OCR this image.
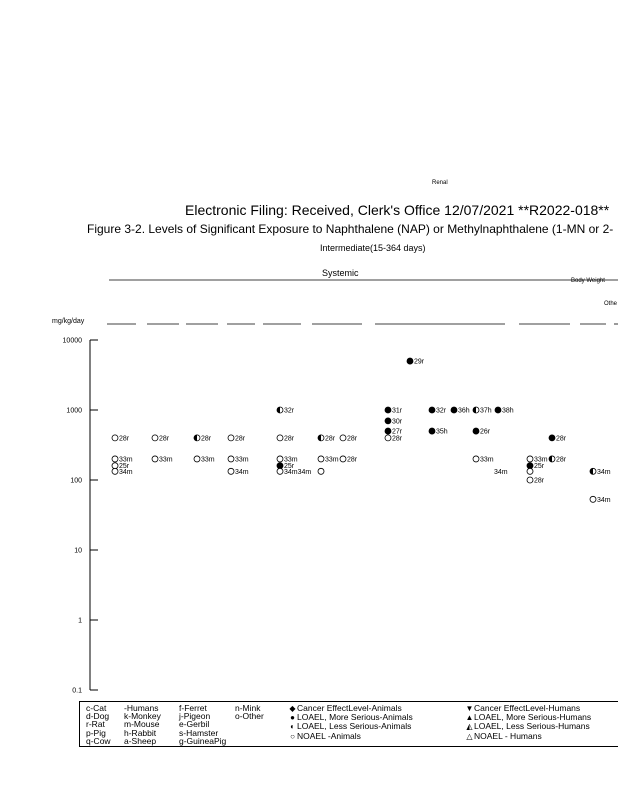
Renal
Electronic Filing: Received, Clerk's Office 12/07/2021 **R2022-018**
Figure 3-2. Levels of Significant Exposure to Naphthalene (NAP) or Methylnaphthalene (1-MN or 2-
Intermediate(15-364 days)
Systemic
Body Weight
Othe
mg/kg/day
10000
1000
100
10
1
0.1
28r
33m
25r
34m
28r
33m
28r
33m
28r
33m
34m
32r
28r
33m
25r
34m34m
28r
33m
28r
28r
31r
30r
27r
28r
29r
32r
35h
36h 37h
26r
33m
38h
34m
33m
25r
28r
28r
28r
34m
34m
c-Cat
d-Dog
r-Rat
p-Pig
q-Cow
-Humans
k-Monkey
m-Mouse
h-Rabbit
a-Sheep
f-Ferret
j-Pigeon
e-Gerbil
s-Hamster
g-GuineaPig
n-Mink
o-Other
◆Cancer EffectLevel-Animals
● LOAEL, More Serious-Animals
◐ LOAEL, Less Serious-Animals
○ NOAEL -Animals
▼Cancer EffectLevel-Humans
▲LOAEL, More Serious-Humans
◭LOAEL, Less Serious-Humans
△NOAEL - Humans
